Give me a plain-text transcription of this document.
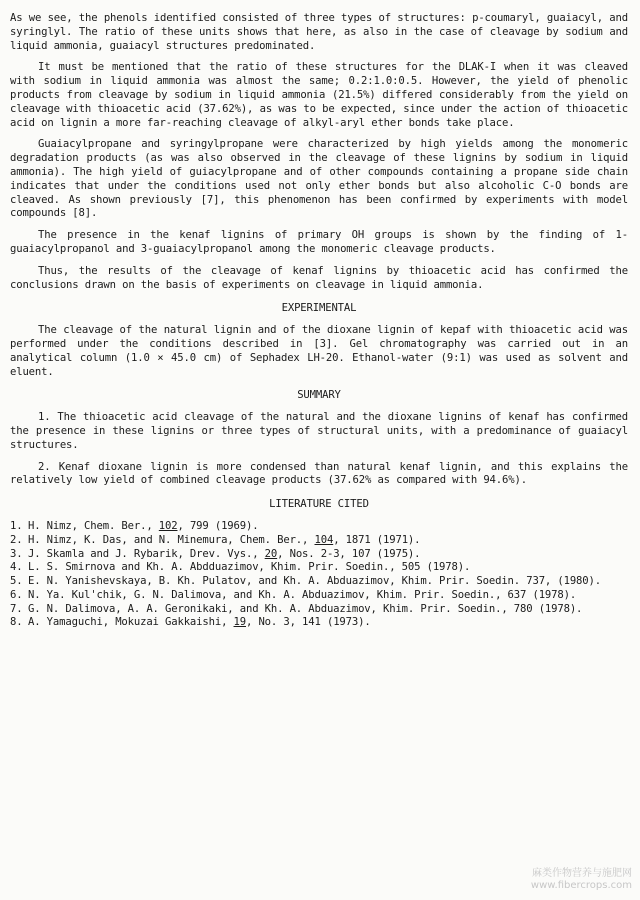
As we see, the phenols identified consisted of three types of structures: p-coumaryl, guaiacyl, and syringlyl. The ratio of these units shows that here, as also in the case of cleavage by sodium and liquid ammonia, guaiacyl structures predominated.

It must be mentioned that the ratio of these structures for the DLAK-I when it was cleaved with sodium in liquid ammonia was almost the same; 0.2:1.0:0.5. However, the yield of phenolic products from cleavage by sodium in liquid ammonia (21.5%) differed considerably from the yield on cleavage with thioacetic acid (37.62%), as was to be expected, since under the action of thioacetic acid on lignin a more far-reaching cleavage of alkyl-aryl ether bonds take place.

Guaiacylpropane and syringylpropane were characterized by high yields among the monomeric degradation products (as was also observed in the cleavage of these lignins by sodium in liquid ammonia). The high yield of guiacylpropane and of other compounds containing a propane side chain indicates that under the conditions used not only ether bonds but also alcoholic C-O bonds are cleaved. As shown previously [7], this phenomenon has been confirmed by experiments with model compounds [8].

The presence in the kenaf lignins of primary OH groups is shown by the finding of 1-guaiacylpropanol and 3-guaiacylpropanol among the monomeric cleavage products.

Thus, the results of the cleavage of kenaf lignins by thioacetic acid has confirmed the conclusions drawn on the basis of experiments on cleavage in liquid ammonia.

EXPERIMENTAL

The cleavage of the natural lignin and of the dioxane lignin of kepaf with thioacetic acid was performed under the conditions described in [3]. Gel chromatography was carried out in an analytical column (1.0 × 45.0 cm) of Sephadex LH-20. Ethanol-water (9:1) was used as solvent and eluent.

SUMMARY

1. The thioacetic acid cleavage of the natural and the dioxane lignins of kenaf has confirmed the presence in these lignins or three types of structural units, with a predominance of guaiacyl structures.

2. Kenaf dioxane lignin is more condensed than natural kenaf lignin, and this explains the relatively low yield of combined cleavage products (37.62% as compared with 94.6%).

LITERATURE CITED
1. H. Nimz, Chem. Ber., 102, 799 (1969).
2. H. Nimz, K. Das, and N. Minemura, Chem. Ber., 104, 1871 (1971).
3. J. Skamla and J. Rybarik, Drev. Vys., 20, Nos. 2-3, 107 (1975).
4. L. S. Smirnova and Kh. A. Abdduazimov, Khim. Prir. Soedin., 505 (1978).
5. E. N. Yanishevskaya, B. Kh. Pulatov, and Kh. A. Abduazimov, Khim. Prir. Soedin. 737, (1980).
6. N. Ya. Kul'chik, G. N. Dalimova, and Kh. A. Abduazimov, Khim. Prir. Soedin., 637 (1978).
7. G. N. Dalimova, A. A. Geronikaki, and Kh. A. Abduazimov, Khim. Prir. Soedin., 780 (1978).
8. A. Yamaguchi, Mokuzai Gakkaishi, 19, No. 3, 141 (1973).
麻类作物营养与施肥网
www.fibercrops.com
